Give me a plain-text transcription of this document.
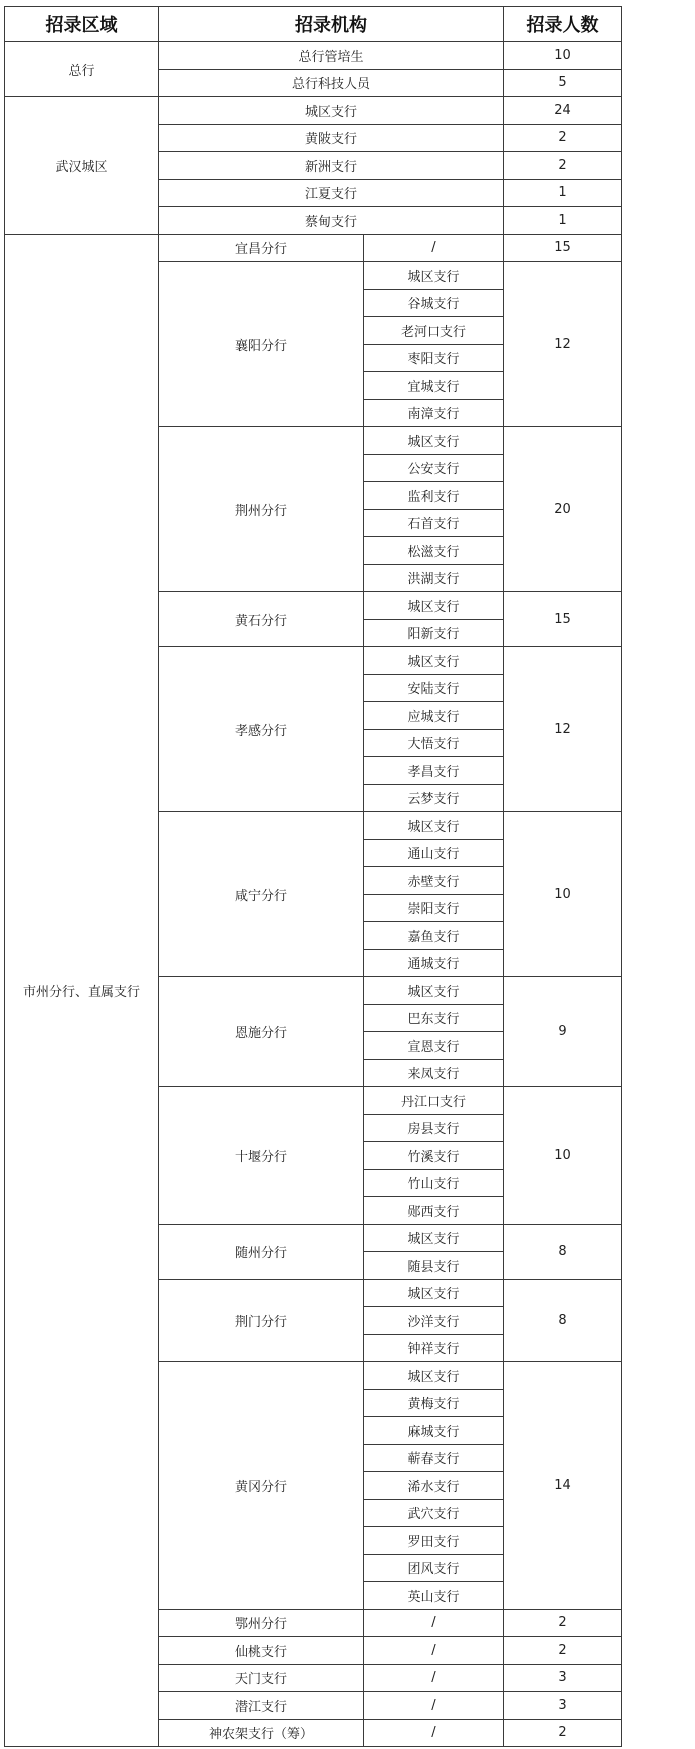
招录区域	招录机构		招录人数
总行	总行管培生		10
	总行科技人员		5
武汉城区	城区支行		24
	黄陂支行		2
	新洲支行		2
	江夏支行		1
	蔡甸支行		1
市州分行、直属支行	宜昌分行	/	15
	襄阳分行	城区支行	12
		谷城支行	
		老河口支行	
		枣阳支行	
		宜城支行	
		南漳支行	
	荆州分行	城区支行	20
		公安支行	
		监利支行	
		石首支行	
		松滋支行	
		洪湖支行	
	黄石分行	城区支行	15
		阳新支行	
	孝感分行	城区支行	12
		安陆支行	
		应城支行	
		大悟支行	
		孝昌支行	
		云梦支行	
	咸宁分行	城区支行	10
		通山支行	
		赤壁支行	
		崇阳支行	
		嘉鱼支行	
		通城支行	
	恩施分行	城区支行	9
		巴东支行	
		宣恩支行	
		来凤支行	
	十堰分行	丹江口支行	10
		房县支行	
		竹溪支行	
		竹山支行	
		郧西支行	
	随州分行	城区支行	8
		随县支行	
	荆门分行	城区支行	8
		沙洋支行	
		钟祥支行	
	黄冈分行	城区支行	14
		黄梅支行	
		麻城支行	
		蕲春支行	
		浠水支行	
		武穴支行	
		罗田支行	
		团风支行	
		英山支行	
	鄂州分行	/	2
	仙桃支行	/	2
	天门支行	/	3
	潜江支行	/	3
	神农架支行（筹）	/	2
